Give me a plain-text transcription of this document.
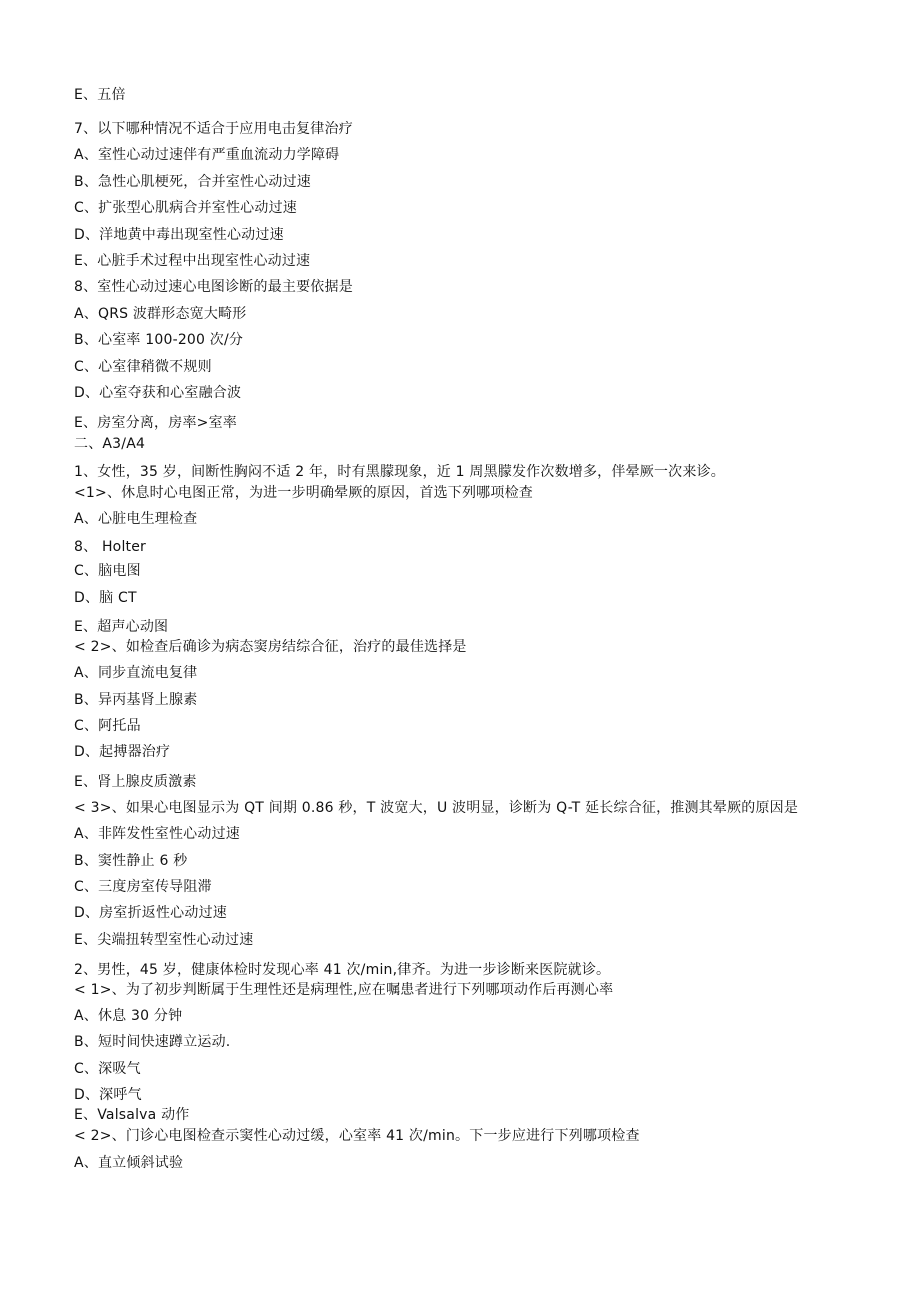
E、五倍
7、以下哪种情况不适合于应用电击复律治疗
A、室性心动过速伴有严重血流动力学障碍
B、急性心肌梗死，合并室性心动过速
C、扩张型心肌病合并室性心动过速
D、洋地黄中毒出现室性心动过速
E、心脏手术过程中出现室性心动过速
8、室性心动过速心电图诊断的最主要依据是
A、QRS 波群形态宽大畸形
B、心室率 100-200 次/分
C、心室律稍微不规则
D、心室夺获和心室融合波
E、房室分离，房率>室率
二、A3/A4
1、女性，35 岁，间断性胸闷不适 2 年，时有黑朦现象，近 1 周黑朦发作次数增多，伴晕厥一次来诊。
<1>、休息时心电图正常，为进一步明确晕厥的原因，首选下列哪项检查
A、心脏电生理检查
8、 Holter
C、脑电图
D、脑 CT
E、超声心动图
< 2>、如检查后确诊为病态窦房结综合征，治疗的最佳选择是
A、同步直流电复律
B、异丙基肾上腺素
C、阿托品
D、起搏器治疗
E、肾上腺皮质激素
< 3>、如果心电图显示为 QT 间期 0.86 秒，T 波宽大，U 波明显，诊断为 Q-T 延长综合征，推测其晕厥的原因是
A、非阵发性室性心动过速
B、窦性静止 6 秒
C、三度房室传导阻滞
D、房室折返性心动过速
E、尖端扭转型室性心动过速
2、男性，45 岁，健康体检时发现心率 41 次/min,律齐。为进一步诊断来医院就诊。
< 1>、为了初步判断属于生理性还是病理性,应在嘱患者进行下列哪项动作后再测心率
A、休息 30 分钟
B、短时间快速蹲立运动.
C、深吸气
D、深呼气
E、Valsalva 动作
< 2>、门诊心电图检查示窦性心动过缓，心室率 41 次/min。下一步应进行下列哪项检查
A、直立倾斜试验
